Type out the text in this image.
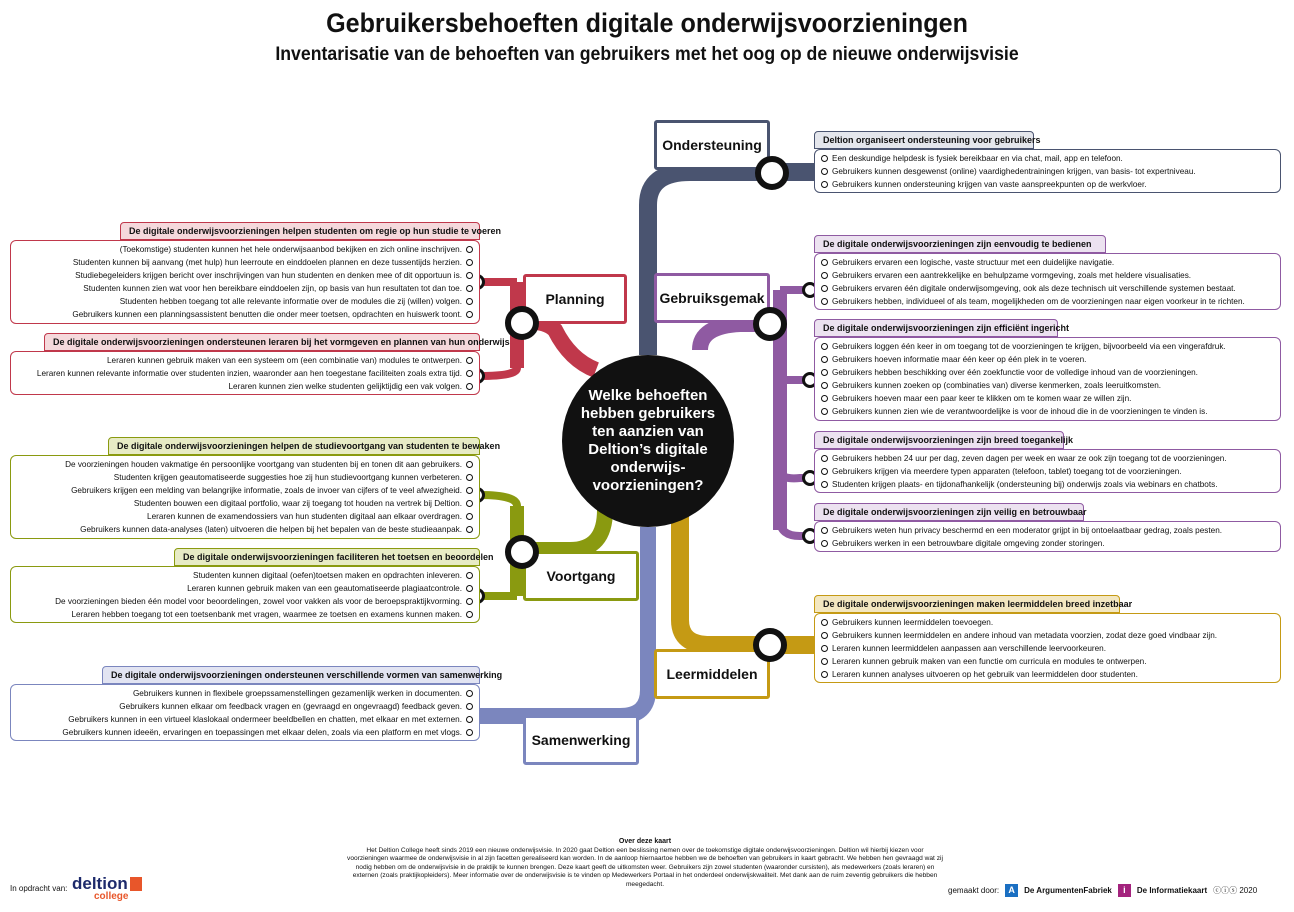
Gebruikersbehoeften digitale onderwijsvoorzieningen
Inventarisatie van de behoeften van gebruikers met het oog op de nieuwe onderwijsvisie
Welke behoeften hebben gebruikers ten aanzien van Deltion’s digitale onderwijs-voorzieningen?
Ondersteuning
Gebruiksgemak
Planning
Voortgang
Samenwerking
Leermiddelen
Deltion organiseert ondersteuning voor gebruikers
Een deskundige helpdesk is fysiek bereikbaar en via chat, mail, app en telefoon.
Gebruikers kunnen desgewenst (online) vaardighedentrainingen krijgen, van basis- tot expertniveau.
Gebruikers kunnen ondersteuning krijgen van vaste aanspreekpunten op de werkvloer.
De digitale onderwijsvoorzieningen zijn eenvoudig te bedienen
Gebruikers ervaren een logische, vaste structuur met een duidelijke navigatie.
Gebruikers ervaren een aantrekkelijke en behulpzame vormgeving, zoals met heldere visualisaties.
Gebruikers ervaren één digitale onderwijsomgeving, ook als deze technisch uit verschillende systemen bestaat.
Gebruikers hebben, individueel of als team, mogelijkheden om de voorzieningen naar eigen voorkeur in te richten.
De digitale onderwijsvoorzieningen zijn efficiënt ingericht
Gebruikers loggen één keer in om toegang tot de voorzieningen te krijgen, bijvoorbeeld via een vingerafdruk.
Gebruikers hoeven informatie maar één keer op één plek in te voeren.
Gebruikers hebben beschikking over één zoekfunctie voor de volledige inhoud van de voorzieningen.
Gebruikers kunnen zoeken op (combinaties van) diverse kenmerken, zoals leeruitkomsten.
Gebruikers hoeven maar een paar keer te klikken om te komen waar ze willen zijn.
Gebruikers kunnen zien wie de verantwoordelijke is voor de inhoud die in de voorzieningen te vinden is.
De digitale onderwijsvoorzieningen zijn breed toegankelijk
Gebruikers hebben 24 uur per dag, zeven dagen per week en waar ze ook zijn toegang tot de voorzieningen.
Gebruikers krijgen via meerdere typen apparaten (telefoon, tablet) toegang tot de voorzieningen.
Studenten krijgen plaats- en tijdonafhankelijk (ondersteuning bij) onderwijs zoals via webinars en chatbots.
De digitale onderwijsvoorzieningen zijn veilig en betrouwbaar
Gebruikers weten hun privacy beschermd en een moderator grijpt in bij ontoelaatbaar gedrag, zoals pesten.
Gebruikers werken in een betrouwbare digitale omgeving zonder storingen.
De digitale onderwijsvoorzieningen maken leermiddelen breed inzetbaar
Gebruikers kunnen leermiddelen toevoegen.
Gebruikers kunnen leermiddelen en andere inhoud van metadata voorzien, zodat deze goed vindbaar zijn.
Leraren kunnen leermiddelen aanpassen aan verschillende leervoorkeuren.
Leraren kunnen gebruik maken van een functie om curricula en modules te ontwerpen.
Leraren kunnen analyses uitvoeren op het gebruik van leermiddelen door studenten.
De digitale onderwijsvoorzieningen helpen studenten om regie op hun studie te voeren
(Toekomstige) studenten kunnen het hele onderwijsaanbod bekijken en zich online inschrijven.
Studenten kunnen bij aanvang (met hulp) hun leerroute en einddoelen plannen en deze tussentijds herzien.
Studiebegeleiders krijgen bericht over inschrijvingen van hun studenten en denken mee of dit opportuun is.
Studenten kunnen zien wat voor hen bereikbare einddoelen zijn, op basis van hun resultaten tot dan toe.
Studenten hebben toegang tot alle relevante informatie over de modules die zij (willen) volgen.
Gebruikers kunnen een planningsassistent benutten die onder meer toetsen, opdrachten en huiswerk toont.
De digitale onderwijsvoorzieningen ondersteunen leraren bij het vormgeven en plannen van hun onderwijs
Leraren kunnen gebruik maken van een systeem om (een combinatie van) modules te ontwerpen.
Leraren kunnen relevante informatie over studenten inzien, waaronder aan hen toegestane faciliteiten zoals extra tijd.
Leraren kunnen zien welke studenten gelijktijdig een vak volgen.
De digitale onderwijsvoorzieningen helpen de studievoortgang van studenten te bewaken
De voorzieningen houden vakmatige én persoonlijke voortgang van studenten bij en tonen dit aan gebruikers.
Studenten krijgen geautomatiseerde suggesties hoe zij hun studievoortgang kunnen verbeteren.
Gebruikers krijgen een melding van belangrijke informatie, zoals de invoer van cijfers of te veel afwezigheid.
Studenten bouwen een digitaal portfolio, waar zij toegang tot houden na vertrek bij Deltion.
Leraren kunnen de examendossiers van hun studenten digitaal aan elkaar overdragen.
Gebruikers kunnen data-analyses (laten) uitvoeren die helpen bij het bepalen van de beste studieaanpak.
De digitale onderwijsvoorzieningen faciliteren het toetsen en beoordelen
Studenten kunnen digitaal (oefen)toetsen maken en opdrachten inleveren.
Leraren kunnen gebruik maken van een geautomatiseerde plagiaatcontrole.
De voorzieningen bieden één model voor beoordelingen, zowel voor vakken als voor de beroepspraktijkvorming.
Leraren hebben toegang tot een toetsenbank met vragen, waarmee ze toetsen en examens kunnen maken.
De digitale onderwijsvoorzieningen ondersteunen verschillende vormen van samenwerking
Gebruikers kunnen in flexibele groepssamenstellingen gezamenlijk werken in documenten.
Gebruikers kunnen elkaar om feedback vragen en (gevraagd en ongevraagd) feedback geven.
Gebruikers kunnen in een virtueel klaslokaal ondermeer beeldbellen en chatten, met elkaar en met externen.
Gebruikers kunnen ideeën, ervaringen en toepassingen met elkaar delen, zoals via een platform en met vlogs.
Over deze kaart
Het Deltion College heeft sinds 2019 een nieuwe onderwijsvisie. In 2020 gaat Deltion een beslissing nemen over de toekomstige digitale onderwijsvoorzieningen. Deltion wil hierbij kiezen voor voorzieningen waarmee de onderwijsvisie in al zijn facetten gerealiseerd kan worden. In de aanloop hiernaartoe hebben we de behoeften van gebruikers in kaart gebracht. We hebben hen gevraagd wat zij nodig hebben om de onderwijsvisie in de praktijk te kunnen brengen. Deze kaart geeft de uitkomsten weer. Gebruikers zijn zowel studenten (waaronder cursisten), als medewerkers (zoals leraren) en externen (zoals praktijkopleiders). Meer informatie over de onderwijsvisie is te vinden op Medewerkers Portaal in het onderdeel onderwijskwaliteit. Met dank aan de ruim zeventig gebruikers die hebben meegedacht.
In opdracht van: deltion
college
gemaakt door:	A	De ArgumentenFabriek	i	De Informatiekaart ⓒⓘⓢ 2020
